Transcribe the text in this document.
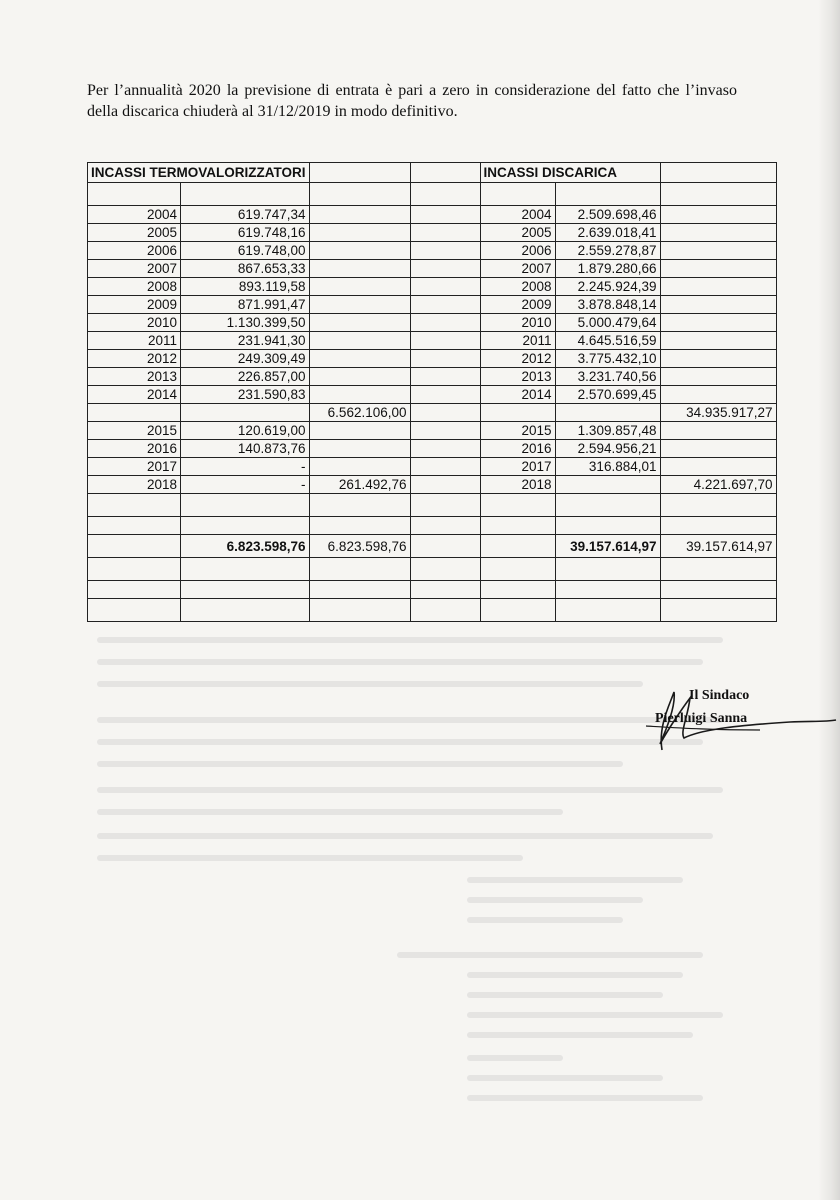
Per l’annualità 2020 la previsione di entrata è pari a zero in considerazione del fatto che l’invaso della discarica chiuderà al 31/12/2019 in modo definitivo.
INCASSI TERMOVALORIZZATORI				INCASSI DISCARICA		

2004	619.747,34			2004	2.509.698,46	
2005	619.748,16			2005	2.639.018,41	
2006	619.748,00			2006	2.559.278,87	
2007	867.653,33			2007	1.879.280,66	
2008	893.119,58			2008	2.245.924,39	
2009	871.991,47			2009	3.878.848,14	
2010	1.130.399,50			2010	5.000.479,64	
2011	231.941,30			2011	4.645.516,59	
2012	249.309,49			2012	3.775.432,10	
2013	226.857,00			2013	3.231.740,56	
2014	231.590,83			2014	2.570.699,45	
		6.562.106,00				34.935.917,27
2015	120.619,00			2015	1.309.857,48	
2016	140.873,76			2016	2.594.956,21	
2017	-			2017	316.884,01	
2018	-	261.492,76		2018		4.221.697,70

	6.823.598,76	6.823.598,76			39.157.614,97	39.157.614,97

Il Sindaco
Pierluigi Sanna
